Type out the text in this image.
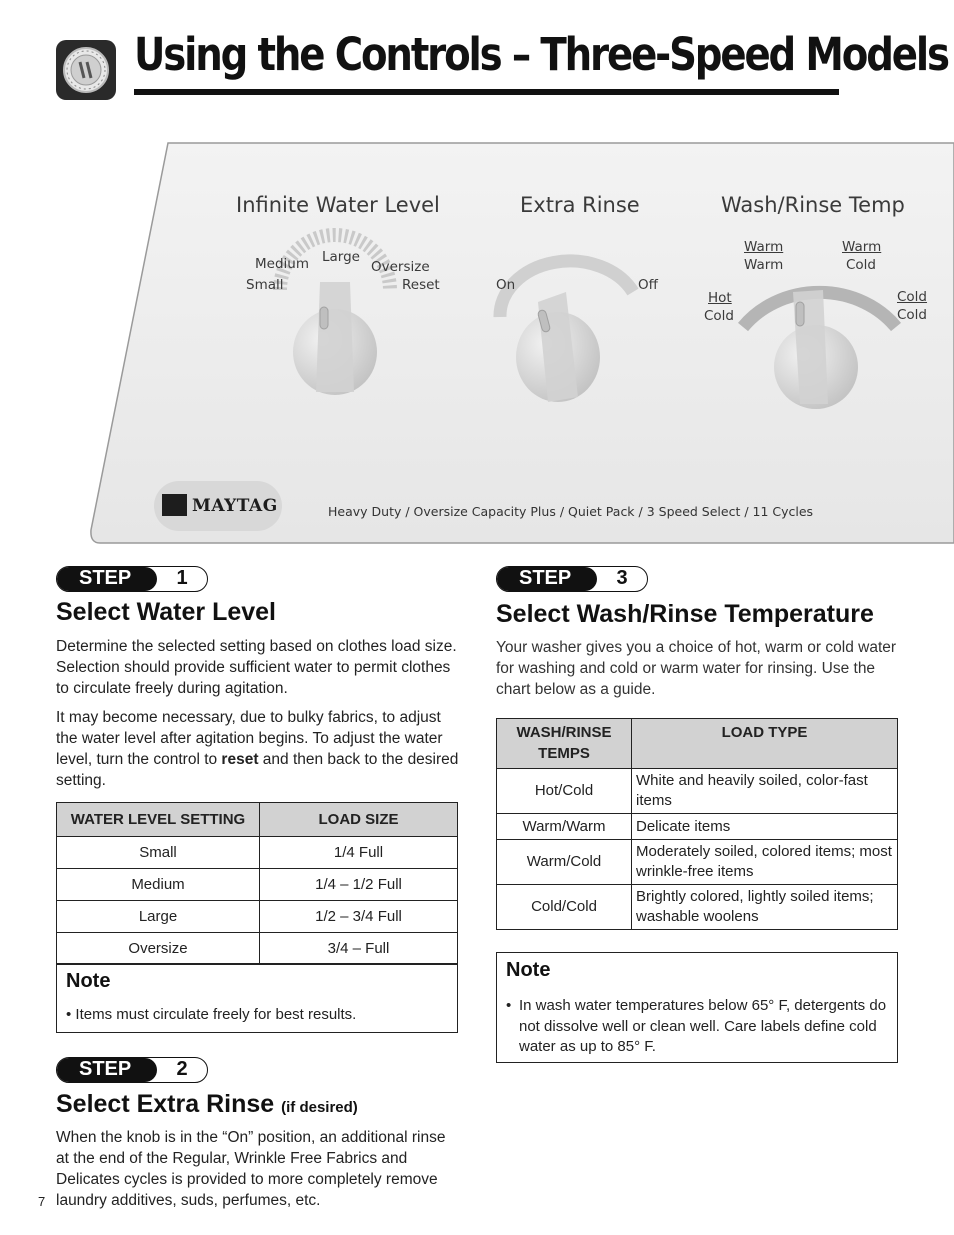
Using the Controls – Three-Speed Models
Infinite Water Level
Medium Large
Oversize
Small	Reset
Extra Rinse
On	Off
Wash/Rinse Temp
Warm
Warm
Warm
Cold
Hot
Cold
Cold
Cold
MAYTAG	Heavy Duty / Oversize Capacity Plus / Quiet Pack / 3 Speed Select / 11 Cycles
STEP	1
Select Water Level
Determine the selected setting based on clothes load size. Selection should provide sufficient water to permit clothes to circulate freely during agitation.
It may become necessary, due to bulky fabrics, to adjust the water level after agitation begins. To adjust the water level, turn the control to reset and then back to the desired setting.
WATER LEVEL SETTING	LOAD SIZE
Small	1/4 Full
Medium	1/4 – 1/2 Full
Large	1/2 – 3/4 Full
Oversize	3/4 – Full
Note
• Items must circulate freely for best results.
STEP	2
Select Extra Rinse (if desired)
When the knob is in the “On” position, an additional rinse at the end of the Regular, Wrinkle Free Fabrics and Delicates cycles is provided to more completely remove laundry additives, suds, perfumes, etc.
STEP	3
Select Wash/Rinse Temperature
Your washer gives you a choice of hot, warm or cold water for washing and cold or warm water for rinsing. Use the chart below as a guide.
WASH/RINSE TEMPS	LOAD TYPE
Hot/Cold	White and heavily soiled, color-fast items
Warm/Warm	Delicate items
Warm/Cold	Moderately soiled, colored items; most wrinkle-free items
Cold/Cold	Brightly colored, lightly soiled items; washable woolens
Note
• In wash water temperatures below 65° F, detergents do not dissolve well or clean well. Care labels define cold water as up to 85° F.
7
